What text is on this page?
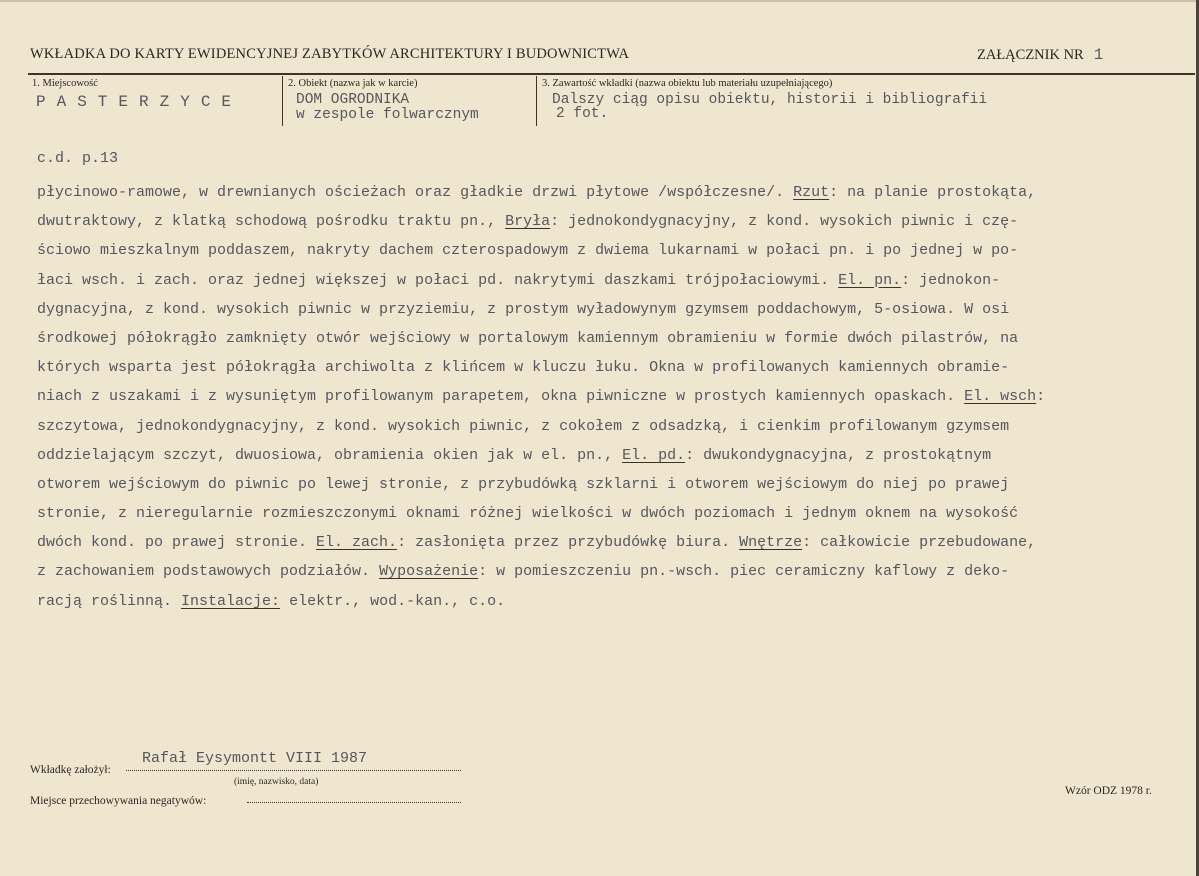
WKŁADKA DO KARTY EWIDENCYJNEJ ZABYTKÓW ARCHITEKTURY I BUDOWNICTWA	ZAŁĄCZNIK NR 1
1. Miejscowość
PASTERZYCE
2. Obiekt (nazwa jak w karcie)
DOM OGRODNIKA
w zespole folwarcznym
3. Zawartość wkładki (nazwa obiektu lub materiału uzupełniającego)
Dalszy ciąg opisu obiektu, historii i bibliografii
2 fot.
c.d. p.13
płycinowo-ramowe, w drewnianych ościeżach oraz gładkie drzwi płytowe /współczesne/. Rzut: na planie prostokąta,
dwutraktowy, z klatką schodową pośrodku traktu pn., Bryła: jednokondygnacyjny, z kond. wysokich piwnic i czę-
ściowo mieszkalnym poddaszem, nakryty dachem czterospadowym z dwiema lukarnami w połaci pn. i po jednej w po-
łaci wsch. i zach. oraz jednej większej w połaci pd. nakrytymi daszkami trójpołaciowymi. El. pn.: jednokon-
dygnacyjna, z kond. wysokich piwnic w przyziemiu, z prostym wyładowynym gzymsem poddachowym, 5-osiowa. W osi
środkowej półokrągło zamknięty otwór wejściowy w portalowym kamiennym obramieniu w formie dwóch pilastrów, na
których wsparta jest półokrągła archiwolta z klińcem w kluczu łuku. Okna w profilowanych kamiennych obramie-
niach z uszakami i z wysuniętym profilowanym parapetem, okna piwniczne w prostych kamiennych opaskach. El. wsch:
szczytowa, jednokondygnacyjny, z kond. wysokich piwnic, z cokołem z odsadzką, i cienkim profilowanym gzymsem
oddzielającym szczyt, dwuosiowa, obramienia okien jak w el. pn., El. pd.: dwukondygnacyjna, z prostokątnym
otworem wejściowym do piwnic po lewej stronie, z przybudówką szklarni i otworem wejściowym do niej po prawej
stronie, z nieregularnie rozmieszczonymi oknami różnej wielkości w dwóch poziomach i jednym oknem na wysokość
dwóch kond. po prawej stronie. El. zach.: zasłonięta przez przybudówkę biura. Wnętrze: całkowicie przebudowane,
z zachowaniem podstawowych podziałów. Wyposażenie: w pomieszczeniu pn.-wsch. piec ceramiczny kaflowy z deko-
racją roślinną. Instalacje: elektr., wod.-kan., c.o.
Wkładkę założył:
Rafał Eysymontt VIII 1987
(imię, nazwisko, data)
Miejsce przechowywania negatywów:
Wzór ODZ 1978 r.
